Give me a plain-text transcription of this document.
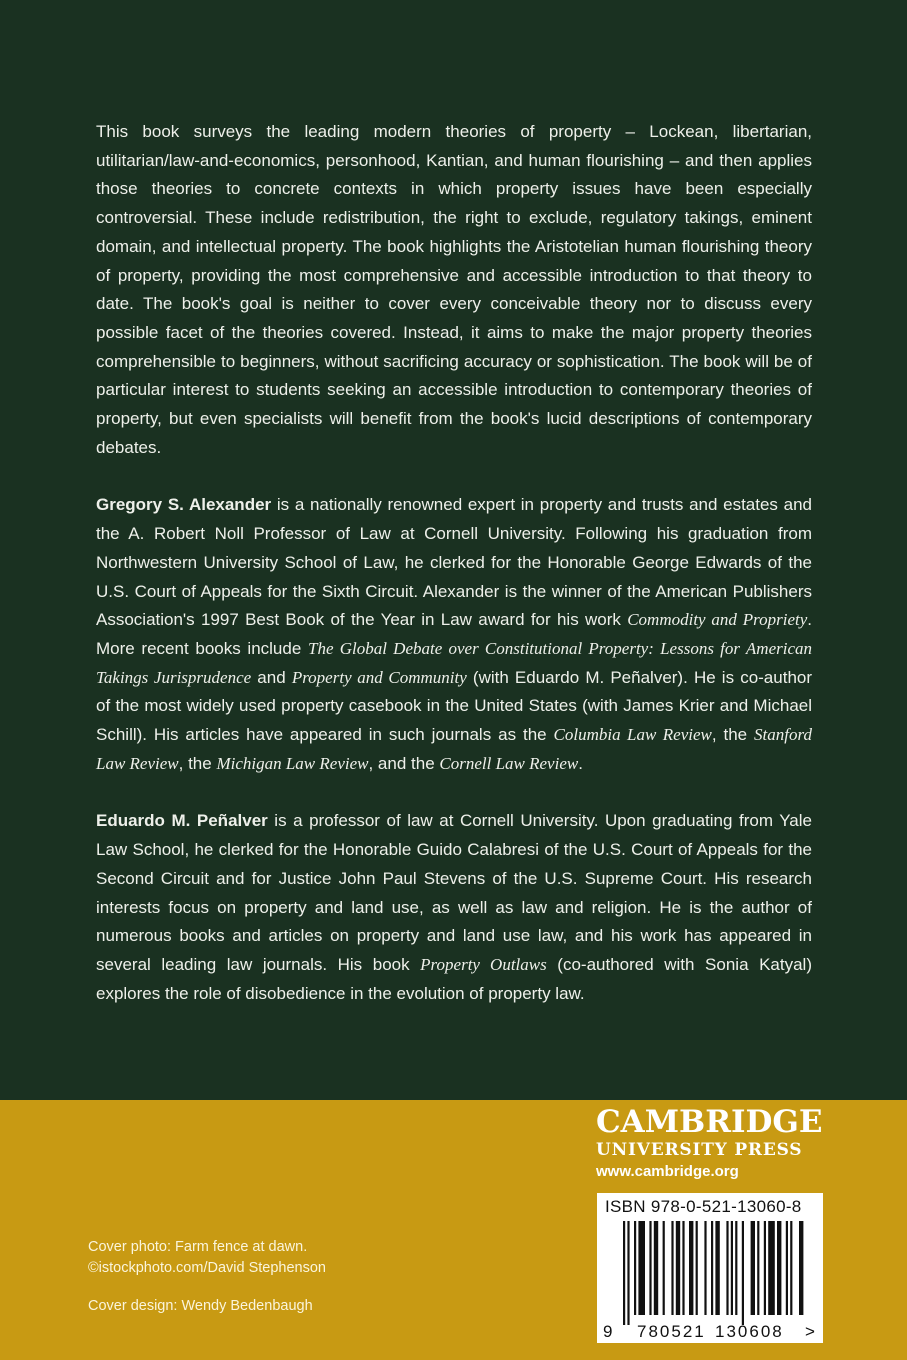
This book surveys the leading modern theories of property – Lockean, libertarian, utilitarian/law-and-economics, personhood, Kantian, and human flourishing – and then applies those theories to concrete contexts in which property issues have been especially controversial. These include redistribution, the right to exclude, regulatory takings, eminent domain, and intellectual property. The book highlights the Aristotelian human flourishing theory of property, providing the most comprehensive and accessible introduction to that theory to date. The book's goal is neither to cover every conceivable theory nor to discuss every possible facet of the theories covered. Instead, it aims to make the major property theories comprehensible to beginners, without sacrificing accuracy or sophistication. The book will be of particular interest to students seeking an accessible introduction to contemporary theories of property, but even specialists will benefit from the book's lucid descriptions of contemporary debates.

Gregory S. Alexander is a nationally renowned expert in property and trusts and estates and the A. Robert Noll Professor of Law at Cornell University. Following his graduation from Northwestern University School of Law, he clerked for the Honorable George Edwards of the U.S. Court of Appeals for the Sixth Circuit. Alexander is the winner of the American Publishers Association's 1997 Best Book of the Year in Law award for his work Commodity and Propriety. More recent books include The Global Debate over Constitutional Property: Lessons for American Takings Jurisprudence and Property and Community (with Eduardo M. Peñalver). He is co-author of the most widely used property casebook in the United States (with James Krier and Michael Schill). His articles have appeared in such journals as the Columbia Law Review, the Stanford Law Review, the Michigan Law Review, and the Cornell Law Review.

Eduardo M. Peñalver is a professor of law at Cornell University. Upon graduating from Yale Law School, he clerked for the Honorable Guido Calabresi of the U.S. Court of Appeals for the Second Circuit and for Justice John Paul Stevens of the U.S. Supreme Court. His research interests focus on property and land use, as well as law and religion. He is the author of numerous books and articles on property and land use law, and his work has appeared in several leading law journals. His book Property Outlaws (co-authored with Sonia Katyal) explores the role of disobedience in the evolution of property law.

CAMBRIDGE
UNIVERSITY PRESS
www.cambridge.org
9 780521 130608 >
ISBN 978-0-521-13060-8
Cover photo: Farm fence at dawn.
©istockphoto.com/David Stephenson
Cover design: Wendy Bedenbaugh
